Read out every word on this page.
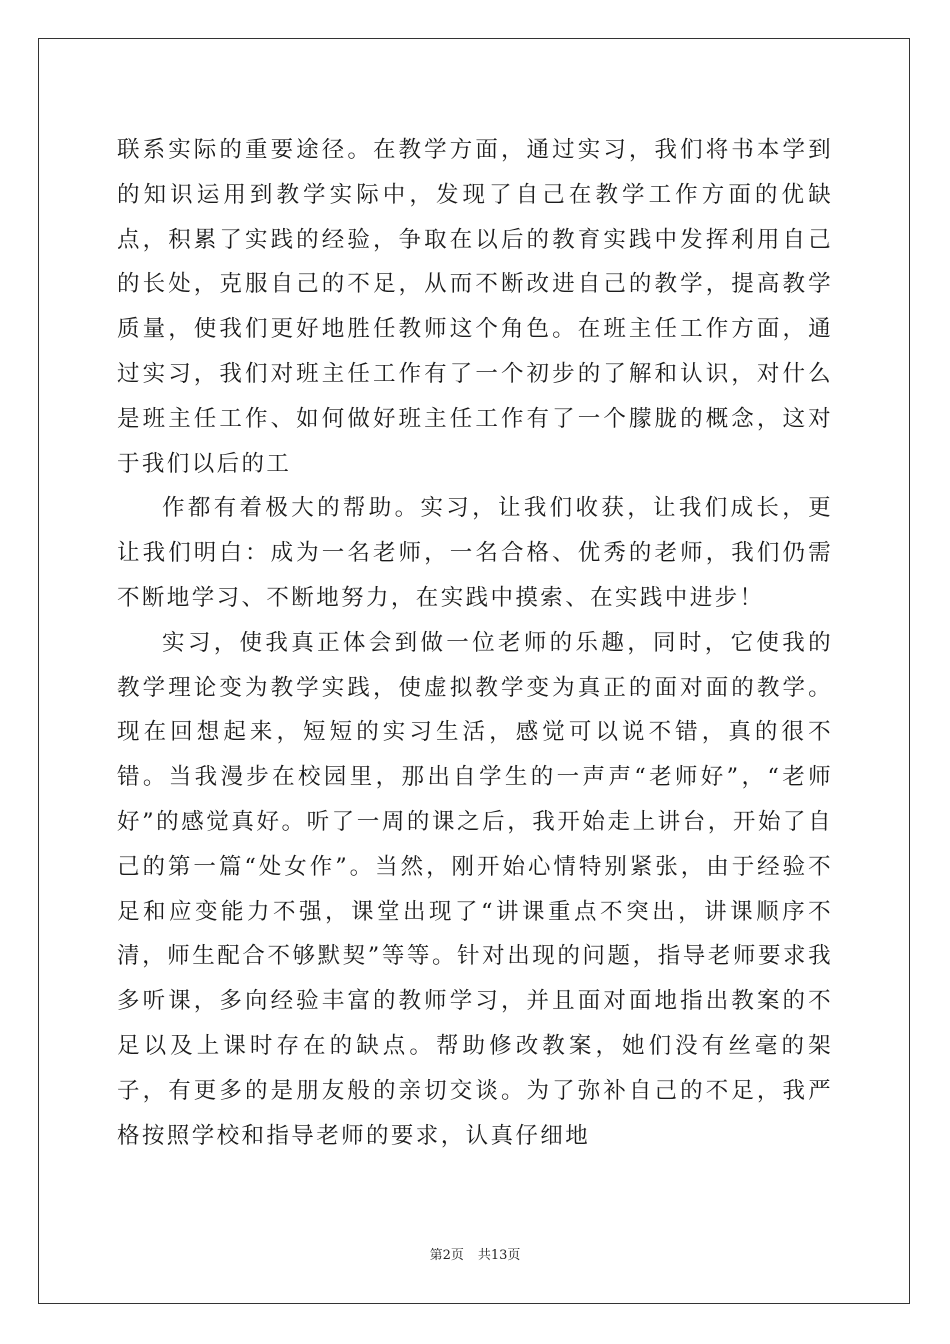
联系实际的重要途径。在教学方面，通过实习，我们将书本学到的知识运用到教学实际中，发现了自己在教学工作方面的优缺点，积累了实践的经验，争取在以后的教育实践中发挥利用自己的长处，克服自己的不足，从而不断改进自己的教学，提高教学质量，使我们更好地胜任教师这个角色。在班主任工作方面，通过实习，我们对班主任工作有了一个初步的了解和认识，对什么是班主任工作、如何做好班主任工作有了一个朦胧的概念，这对于我们以后的工

作都有着极大的帮助。实习，让我们收获，让我们成长，更让我们明白：成为一名老师，一名合格、优秀的老师，我们仍需不断地学习、不断地努力，在实践中摸索、在实践中进步！

实习，使我真正体会到做一位老师的乐趣，同时，它使我的教学理论变为教学实践，使虚拟教学变为真正的面对面的教学。现在回想起来，短短的实习生活，感觉可以说不错，真的很不错。当我漫步在校园里，那出自学生的一声声“老师好”，“老师好”的感觉真好。听了一周的课之后，我开始走上讲台，开始了自己的第一篇“处女作”。当然，刚开始心情特别紧张，由于经验不足和应变能力不强，课堂出现了“讲课重点不突出，讲课顺序不清，师生配合不够默契”等等。针对出现的问题，指导老师要求我多听课，多向经验丰富的教师学习，并且面对面地指出教案的不足以及上课时存在的缺点。帮助修改教案，她们没有丝毫的架子，有更多的是朋友般的亲切交谈。为了弥补自己的不足，我严格按照学校和指导老师的要求，认真仔细地

第2页 共13页
